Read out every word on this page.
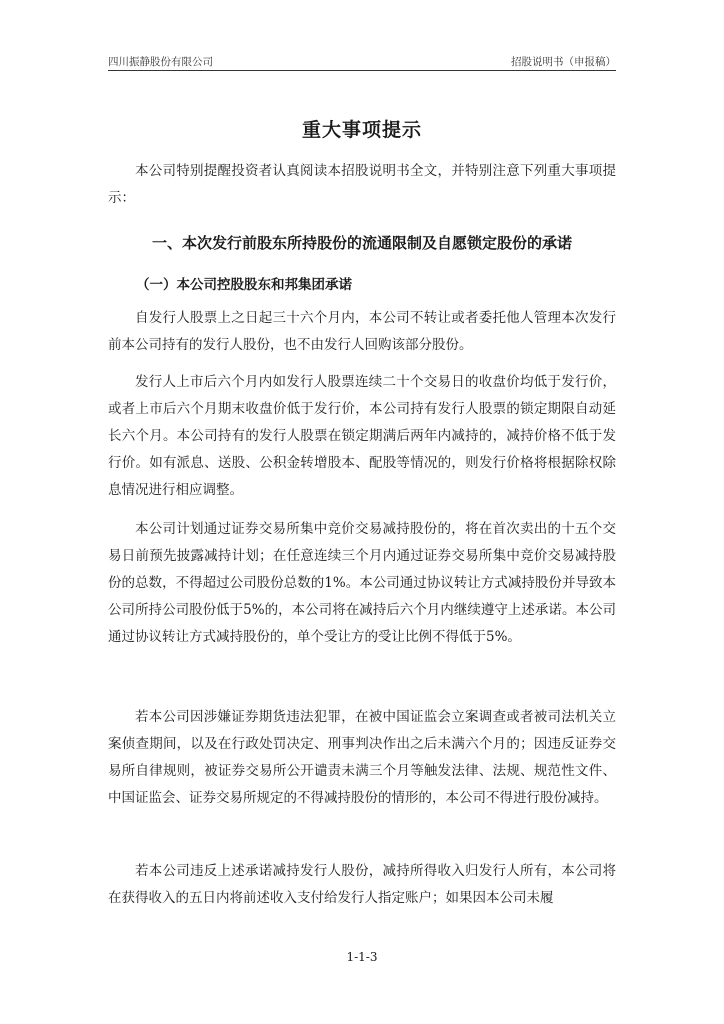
四川振静股份有限公司	招股说明书（申报稿）
重大事项提示

本公司特别提醒投资者认真阅读本招股说明书全文，并特别注意下列重大事项提示：

一、本次发行前股东所持股份的流通限制及自愿锁定股份的承诺

（一）本公司控股股东和邦集团承诺

自发行人股票上之日起三十六个月内，本公司不转让或者委托他人管理本次发行前本公司持有的发行人股份，也不由发行人回购该部分股份。

发行人上市后六个月内如发行人股票连续二十个交易日的收盘价均低于发行价，或者上市后六个月期末收盘价低于发行价，本公司持有发行人股票的锁定期限自动延长六个月。本公司持有的发行人股票在锁定期满后两年内减持的，减持价格不低于发行价。如有派息、送股、公积金转增股本、配股等情况的，则发行价格将根据除权除息情况进行相应调整。

本公司计划通过证券交易所集中竞价交易减持股份的，将在首次卖出的十五个交易日前预先披露减持计划；在任意连续三个月内通过证券交易所集中竞价交易减持股份的总数，不得超过公司股份总数的1%。本公司通过协议转让方式减持股份并导致本公司所持公司股份低于5%的，本公司将在减持后六个月内继续遵守上述承诺。本公司通过协议转让方式减持股份的，单个受让方的受让比例不得低于5%。

若本公司因涉嫌证券期货违法犯罪，在被中国证监会立案调查或者被司法机关立案侦查期间，以及在行政处罚决定、刑事判决作出之后未满六个月的；因违反证券交易所自律规则，被证券交易所公开谴责未满三个月等触发法律、法规、规范性文件、中国证监会、证券交易所规定的不得减持股份的情形的，本公司不得进行股份减持。

若本公司违反上述承诺减持发行人股份，减持所得收入归发行人所有，本公司将在获得收入的五日内将前述收入支付给发行人指定账户；如果因本公司未履

1-1-3
